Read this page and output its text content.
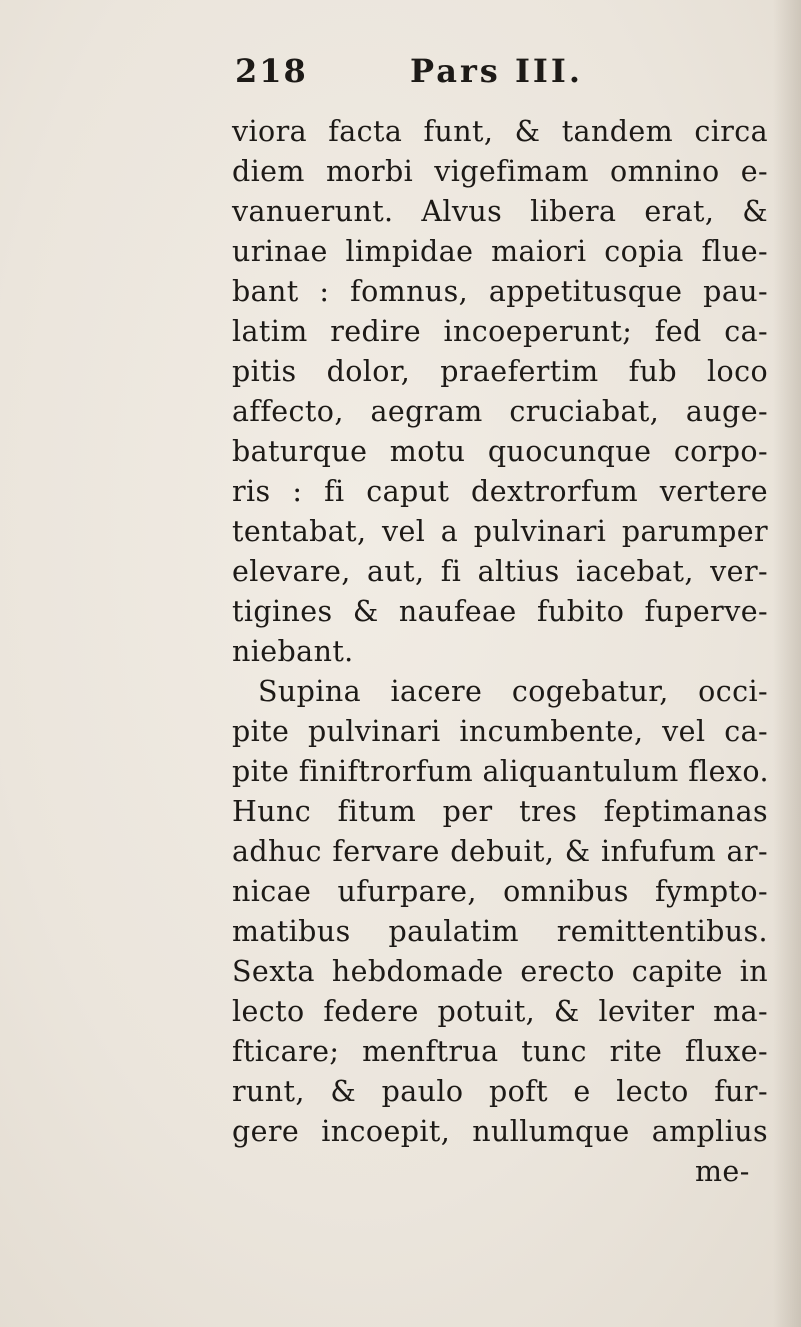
218	Pars III.
viora facta funt, & tandem circa
diem morbi vigefimam omnino e-
vanuerunt. Alvus libera erat, &
urinae limpidae maiori copia flue-
bant : fomnus, appetitusque pau-
latim redire incoeperunt; fed ca-
pitis dolor, praefertim fub loco
affecto, aegram cruciabat, auge-
baturque motu quocunque corpo-
ris : fi caput dextrorfum vertere
tentabat, vel a pulvinari parumper
elevare, aut, fi altius iacebat, ver-
tigines & naufeae fubito fuperve-
niebant.
Supina iacere cogebatur, occi-
pite pulvinari incumbente, vel ca-
pite finiftrorfum aliquantulum flexo.
Hunc fitum per tres feptimanas
adhuc fervare debuit, & infufum ar-
nicae ufurpare, omnibus fympto-
matibus paulatim remittentibus.
Sexta hebdomade erecto capite in
lecto federe potuit, & leviter ma-
fticare; menftrua tunc rite fluxe-
runt, & paulo poft e lecto fur-
gere incoepit, nullumque amplius
me-
